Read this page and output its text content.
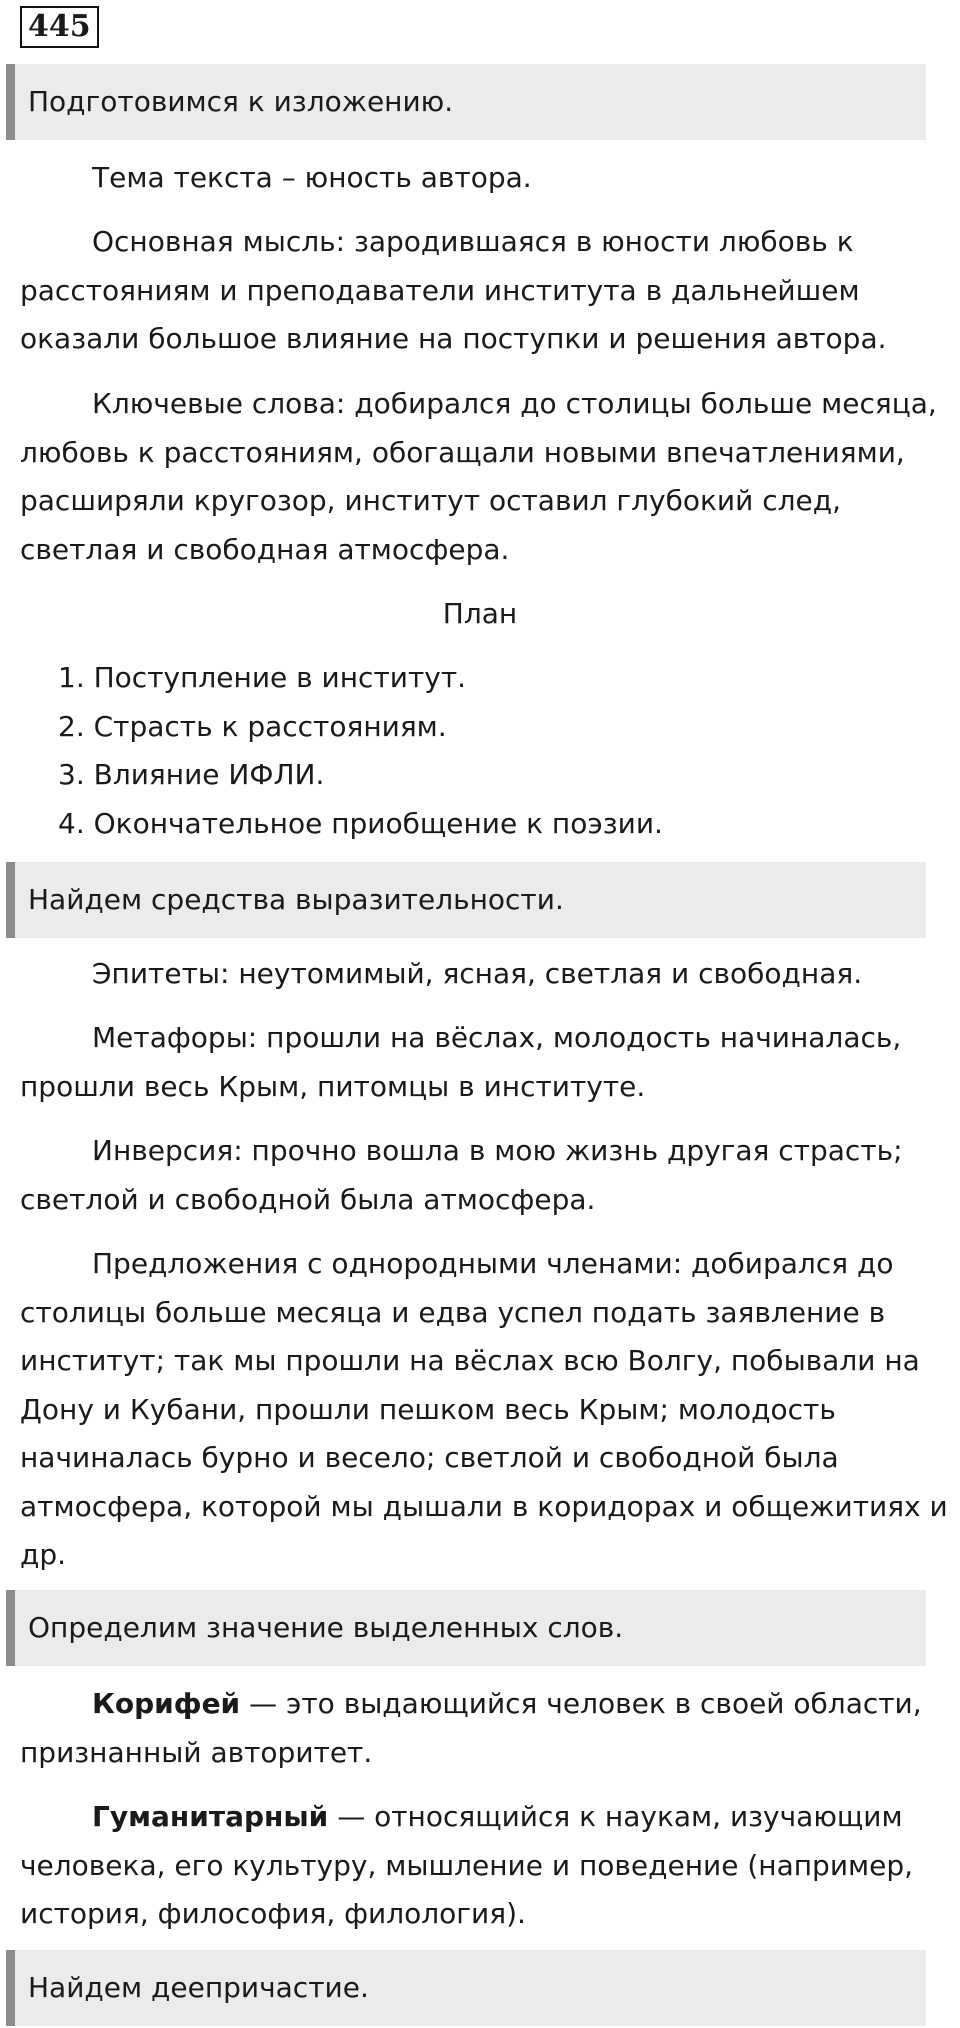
445
Подготовимся к изложению.

Тема текста – юность автора.

Основная мысль: зародившаяся в юности любовь к расстояниям и преподаватели института в дальнейшем оказали большое влияние на поступки и решения автора.

Ключевые слова: добирался до столицы больше месяца, любовь к расстояниям, обогащали новыми впечатлениями, расширяли кругозор, институт оставил глубокий след, светлая и свободная атмосфера.

План
1. Поступление в институт.
2. Страсть к расстояниям.
3. Влияние ИФЛИ.
4. Окончательное приобщение к поэзии.
Найдем средства выразительности.

Эпитеты: неутомимый, ясная, светлая и свободная.

Метафоры: прошли на вёслах, молодость начиналась, прошли весь Крым, питомцы в институте.

Инверсия: прочно вошла в мою жизнь другая страсть; светлой и свободной была атмосфера.

Предложения с однородными членами: добирался до столицы больше месяца и едва успел подать заявление в институт; так мы прошли на вёслах всю Волгу, побывали на Дону и Кубани, прошли пешком весь Крым; молодость начиналась бурно и весело; светлой и свободной была атмосфера, которой мы дышали в коридорах и общежитиях и др.

Определим значение выделенных слов.

Корифей — это выдающийся человек в своей области, признанный авторитет.

Гуманитарный — относящийся к наукам, изучающим человека, его культуру, мышление и поведение (например, история, философия, филология).

Найдем деепричастие.
